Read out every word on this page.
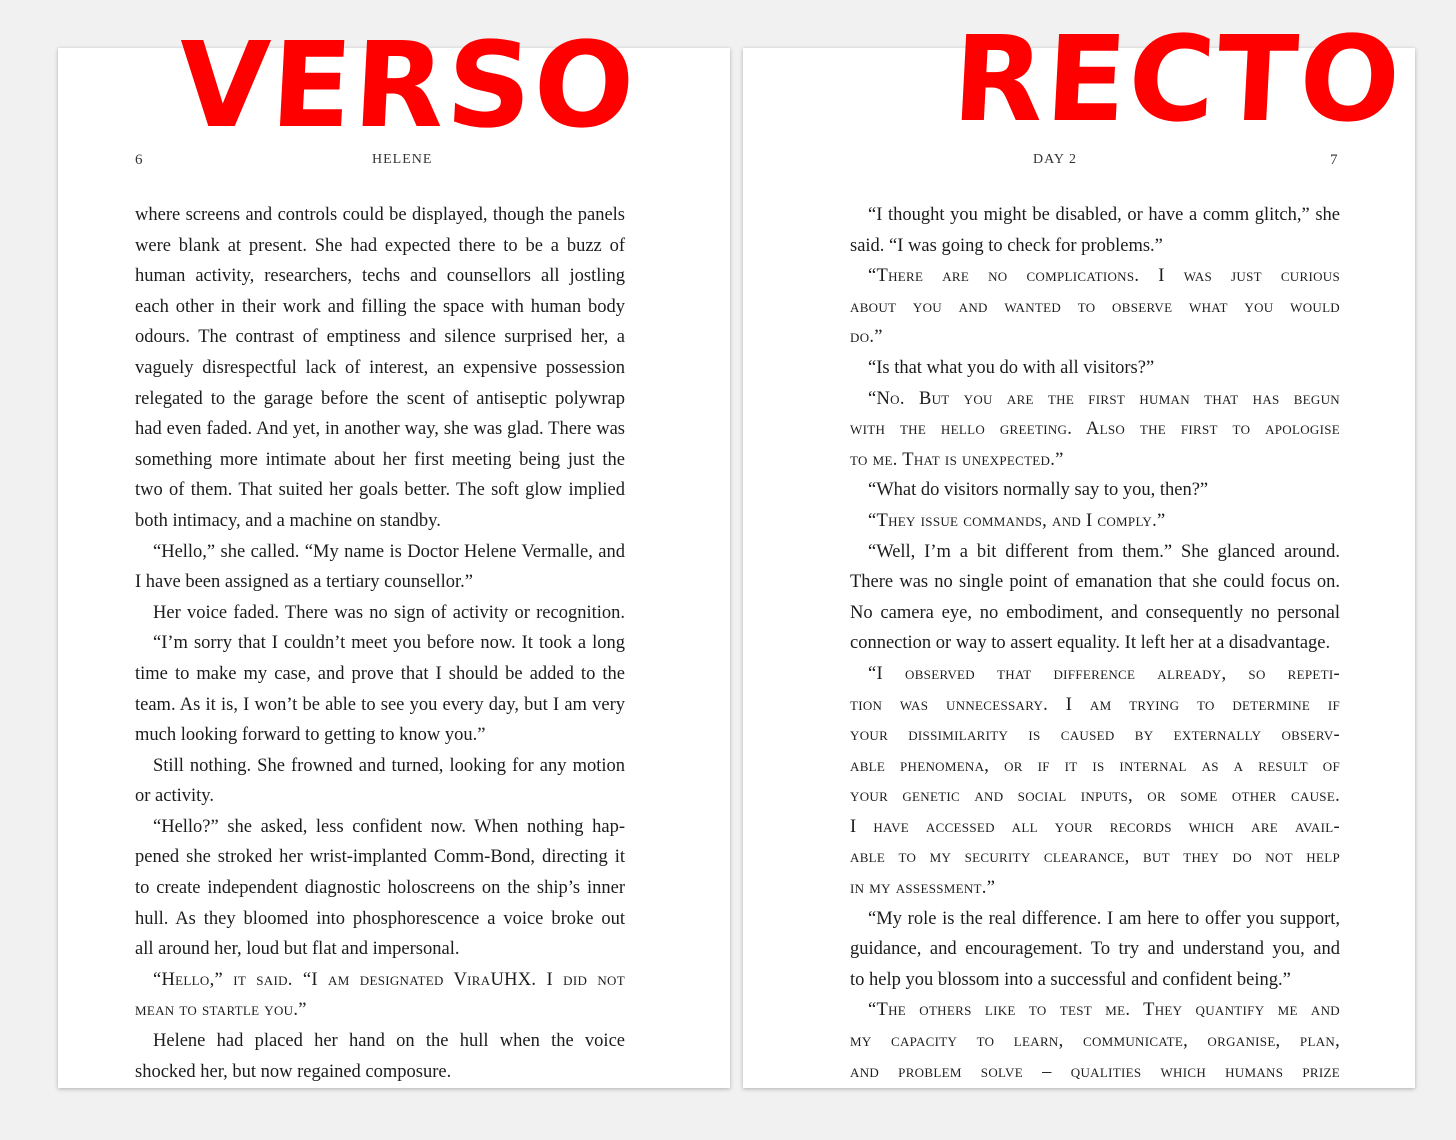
6	HELENE
where screens and controls could be displayed, though the panels
were blank at present. She had expected there to be a buzz of
human activity, researchers, techs and counsellors all jostling
each other in their work and filling the space with human body
odours. The contrast of emptiness and silence surprised her, a
vaguely disrespectful lack of interest, an expensive possession
relegated to the garage before the scent of antiseptic polywrap
had even faded. And yet, in another way, she was glad. There was
something more intimate about her first meeting being just the
two of them. That suited her goals better. The soft glow implied
both intimacy, and a machine on standby.
“Hello,” she called. “My name is Doctor Helene Vermalle, and
I have been assigned as a tertiary counsellor.”
Her voice faded. There was no sign of activity or recognition.
“I’m sorry that I couldn’t meet you before now. It took a long
time to make my case, and prove that I should be added to the
team. As it is, I won’t be able to see you every day, but I am very
much looking forward to getting to know you.”
Still nothing. She frowned and turned, looking for any motion
or activity.
“Hello?” she asked, less confident now. When nothing hap-
pened she stroked her wrist-implanted Comm-Bond, directing it
to create independent diagnostic holoscreens on the ship’s inner
hull. As they bloomed into phosphorescence a voice broke out
all around her, loud but flat and impersonal.
“Hello,” it said. “I am designated ViraUHX. I did not
mean to startle you.”
Helene had placed her hand on the hull when the voice
shocked her, but now regained composure.
DAY 2	7
“I thought you might be disabled, or have a comm glitch,” she
said. “I was going to check for problems.”
“There are no complications. I was just curious
about you and wanted to observe what you would
do.”
“Is that what you do with all visitors?”
“No. But you are the first human that has begun
with the hello greeting. Also the first to apologise
to me. That is unexpected.”
“What do visitors normally say to you, then?”
“They issue commands, and I comply.”
“Well, I’m a bit different from them.” She glanced around.
There was no single point of emanation that she could focus on.
No camera eye, no embodiment, and consequently no personal
connection or way to assert equality. It left her at a disadvantage.
“I observed that difference already, so repeti-
tion was unnecessary. I am trying to determine if
your dissimilarity is caused by externally observ-
able phenomena, or if it is internal as a result of
your genetic and social inputs, or some other cause.
I have accessed all your records which are avail-
able to my security clearance, but they do not help
in my assessment.”
“My role is the real difference. I am here to offer you support,
guidance, and encouragement. To try and understand you, and
to help you blossom into a successful and confident being.”
“The others like to test me. They quantify me and
my capacity to learn, communicate, organise, plan,
and problem solve – qualities which humans prize
VERSO	RECTO
